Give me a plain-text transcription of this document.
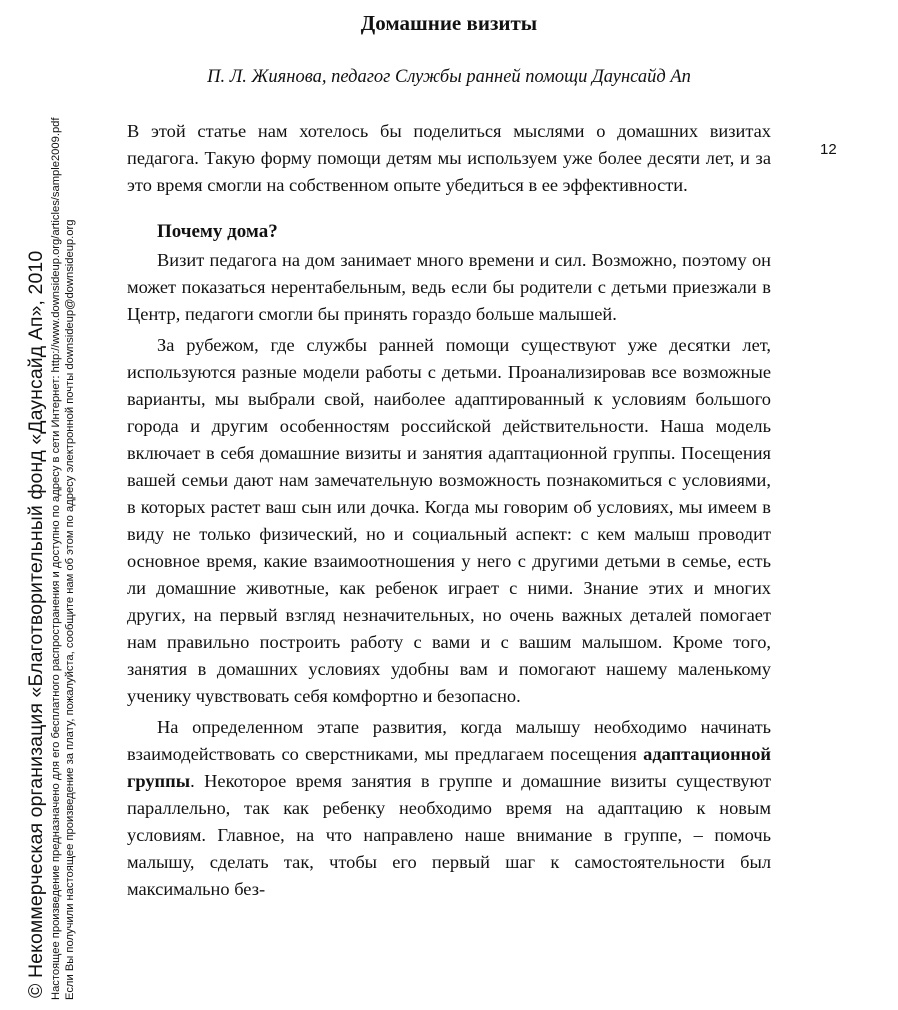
© Некоммерческая организация «Благотворительный фонд «Даунсайд Ап», 2010 Настоящее произведение предназначено для его бесплатного распространения и доступно по адресу в сети Интернет: http://www.downsideup.org/articles/sample2009.pdf Если Вы получили настоящее произведение за плату, пожалуйста, сообщите нам об этом по адресу электронной почты downsideup@downsideup.org
Домашние визиты
П. Л. Жиянова, педагог Службы ранней помощи Даунсайд Ап
12

В этой статье нам хотелось бы поделиться мыслями о домашних визитах педагога. Такую форму помощи детям мы используем уже более десяти лет, и за это время смогли на собственном опыте убедиться в ее эффективности.

Почему дома?

Визит педагога на дом занимает много времени и сил. Возможно, поэтому он может показаться нерентабельным, ведь если бы родители с детьми приезжали в Центр, педагоги смогли бы принять гораздо больше малышей.

За рубежом, где службы ранней помощи существуют уже десятки лет, используются разные модели работы с детьми. Проанализировав все возможные варианты, мы выбрали свой, наиболее адаптированный к условиям большого города и другим особенностям российской действительности. Наша модель включает в себя домашние визиты и занятия адаптационной группы. Посещения вашей семьи дают нам замечательную возможность познакомиться с условиями, в которых растет ваш сын или дочка. Когда мы говорим об условиях, мы имеем в виду не только физический, но и социальный аспект: с кем малыш проводит основное время, какие взаимоотношения у него с другими детьми в семье, есть ли домашние животные, как ребенок играет с ними. Знание этих и многих других, на первый взгляд незначительных, но очень важных деталей помогает нам правильно построить работу с вами и с вашим малышом. Кроме того, занятия в домашних условиях удобны вам и помогают нашему маленькому ученику чувствовать себя комфортно и безопасно.

На определенном этапе развития, когда малышу необходимо начинать взаимодействовать со сверстниками, мы предлагаем посещения адаптационной группы. Некоторое время занятия в группе и домашние визиты существуют параллельно, так как ребенку необходимо время на адаптацию к новым условиям. Главное, на что направлено наше внимание в группе, – помочь малышу, сделать так, чтобы его первый шаг к самостоятельности был максимально без-
